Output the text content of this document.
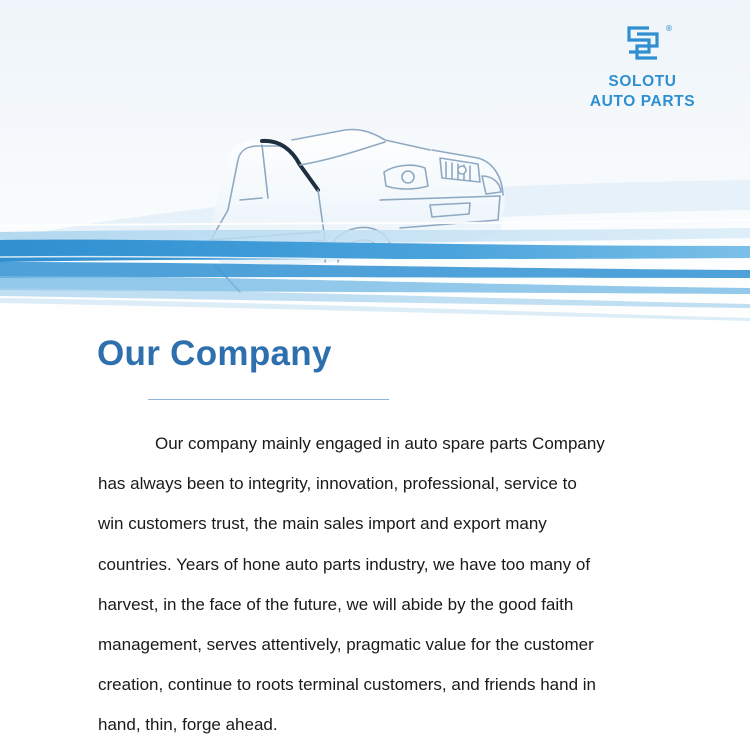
®
SOLOTU
AUTO PARTS
Our Company
Our company mainly engaged in auto spare parts Company
has always been to integrity, innovation, professional, service to
win customers trust, the main sales import and export many
countries. Years of hone auto parts industry, we have too many of
harvest, in the face of the future, we will abide by the good faith
management, serves attentively, pragmatic value for the customer
creation, continue to roots terminal customers, and friends hand in
hand, thin, forge ahead.
